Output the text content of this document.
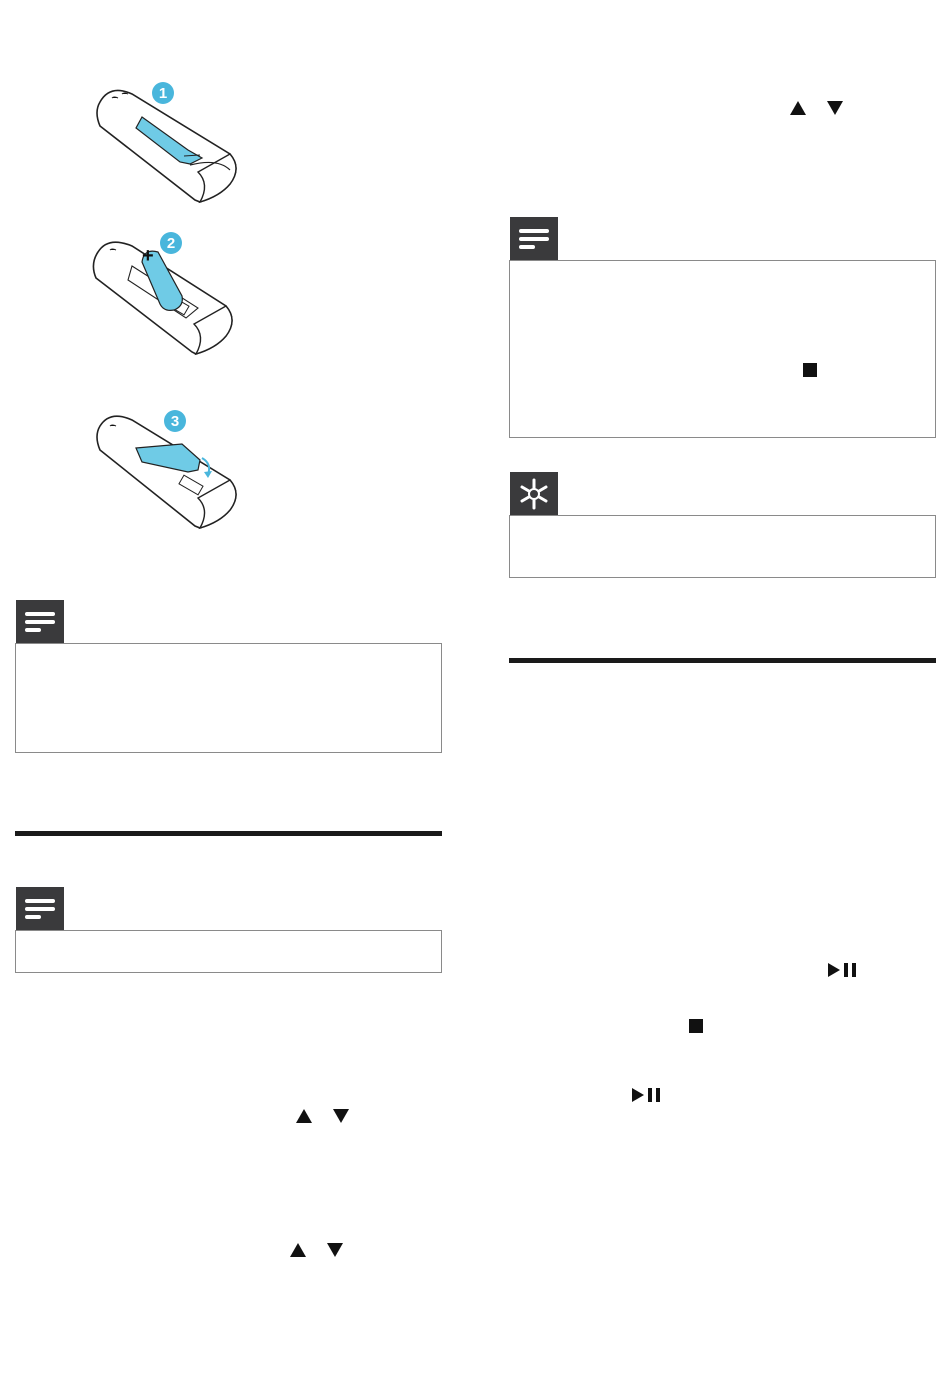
1
+
2
3
